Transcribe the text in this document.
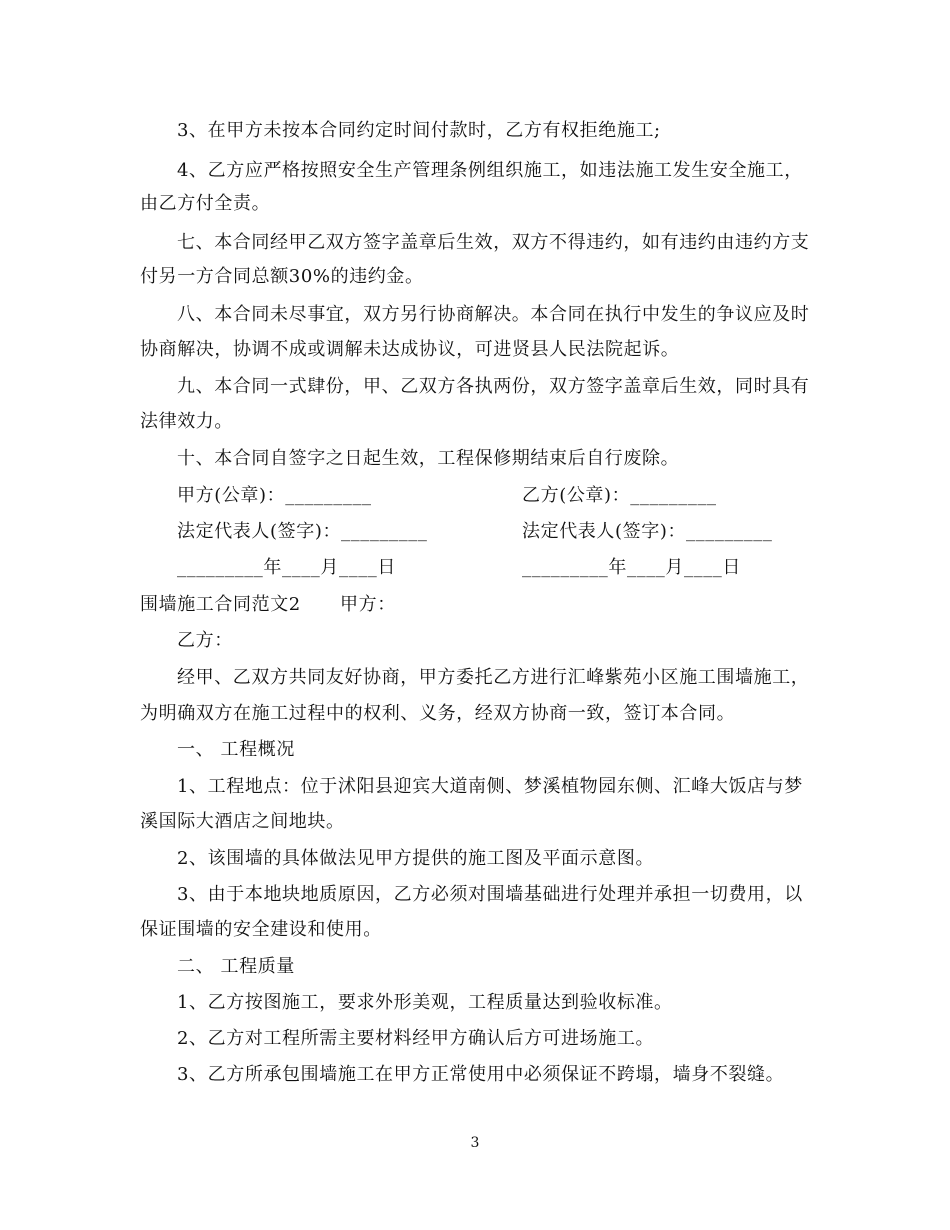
3、在甲方未按本合同约定时间付款时，乙方有权拒绝施工;
4、乙方应严格按照安全生产管理条例组织施工，如违法施工发生安全施工，
由乙方付全责。
七、本合同经甲乙双方签字盖章后生效，双方不得违约，如有违约由违约方支
付另一方合同总额30%的违约金。
八、本合同未尽事宜，双方另行协商解决。本合同在执行中发生的争议应及时
协商解决，协调不成或调解未达成协议，可进贤县人民法院起诉。
九、本合同一式肆份，甲、乙双方各执两份，双方签字盖章后生效，同时具有
法律效力。
十、本合同自签字之日起生效，工程保修期结束后自行废除。
甲方(公章)：_________	乙方(公章)：_________
法定代表人(签字)：_________	法定代表人(签字)：_________
_________年____月____日	_________年____月____日
围墙施工合同范文2 甲方：
乙方：
经甲、乙双方共同友好协商，甲方委托乙方进行汇峰紫苑小区施工围墙施工，
为明确双方在施工过程中的权利、义务，经双方协商一致，签订本合同。
一、 工程概况
1、工程地点：位于沭阳县迎宾大道南侧、梦溪植物园东侧、汇峰大饭店与梦
溪国际大酒店之间地块。
2、该围墙的具体做法见甲方提供的施工图及平面示意图。
3、由于本地块地质原因，乙方必须对围墙基础进行处理并承担一切费用，以
保证围墙的安全建设和使用。
二、 工程质量
1、乙方按图施工，要求外形美观，工程质量达到验收标准。
2、乙方对工程所需主要材料经甲方确认后方可进场施工。
3、乙方所承包围墙施工在甲方正常使用中必须保证不跨塌，墙身不裂缝。
3
